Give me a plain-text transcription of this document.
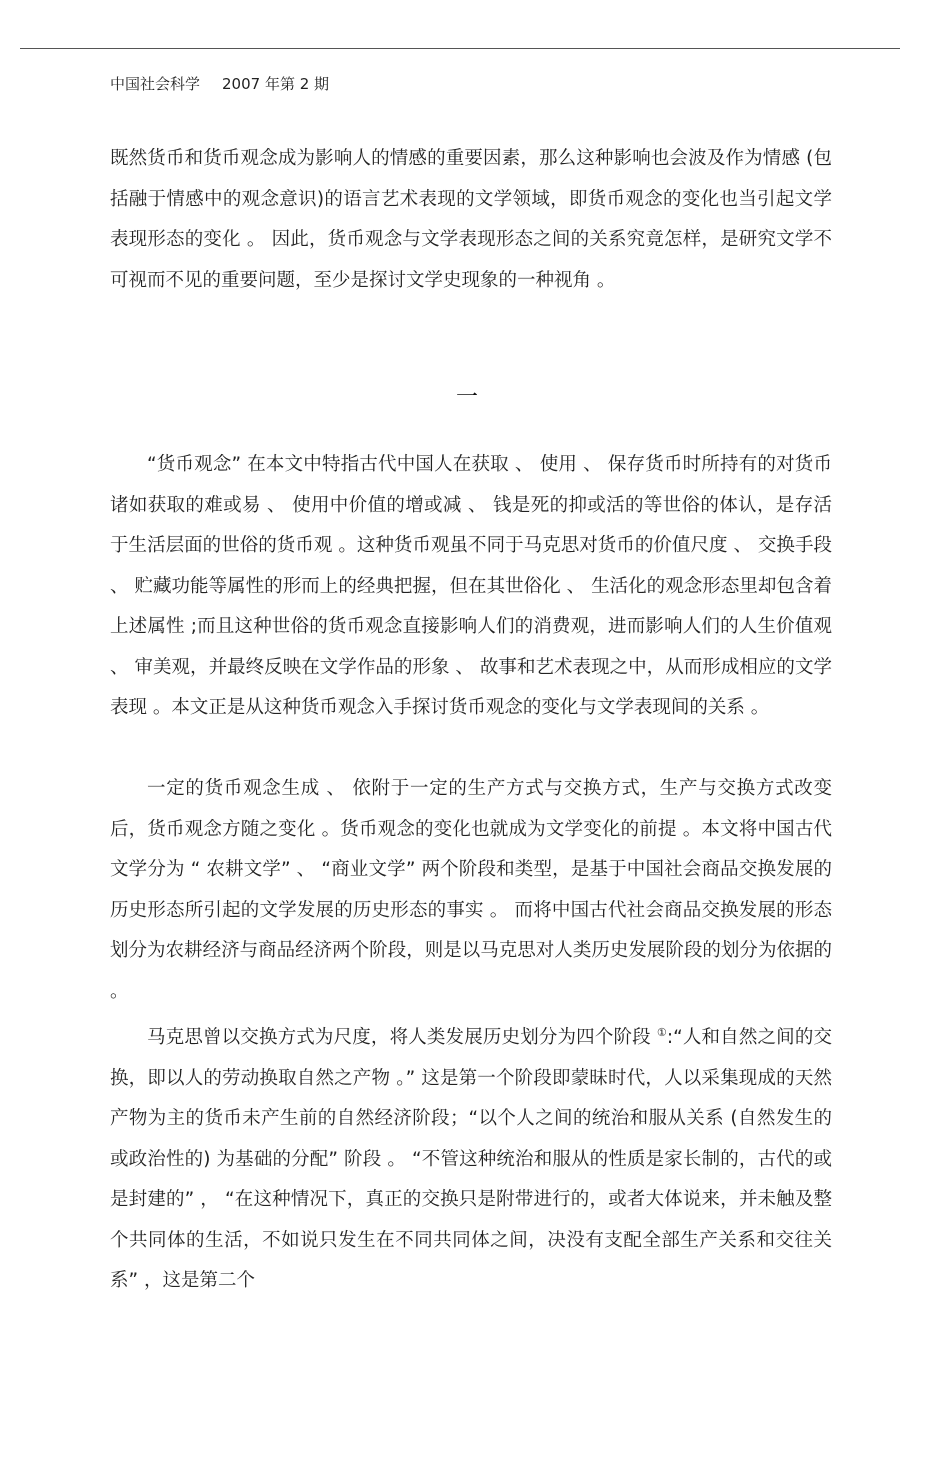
中国社会科学 2007 年第 2 期

既然货币和货币观念成为影响人的情感的重要因素，那么这种影响也会波及作为情感 (包括融于情感中的观念意识)的语言艺术表现的文学领域，即货币观念的变化也当引起文学表现形态的变化 。 因此，货币观念与文学表现形态之间的关系究竟怎样，是研究文学不可视而不见的重要问题，至少是探讨文学史现象的一种视角 。

一

“货币观念” 在本文中特指古代中国人在获取 、 使用 、 保存货币时所持有的对货币诸如获取的难或易 、 使用中价值的增或减 、 钱是死的抑或活的等世俗的体认，是存活于生活层面的世俗的货币观 。这种货币观虽不同于马克思对货币的价值尺度 、 交换手段 、 贮藏功能等属性的形而上的经典把握，但在其世俗化 、 生活化的观念形态里却包含着上述属性 ;而且这种世俗的货币观念直接影响人们的消费观，进而影响人们的人生价值观 、 审美观，并最终反映在文学作品的形象 、 故事和艺术表现之中，从而形成相应的文学表现 。本文正是从这种货币观念入手探讨货币观念的变化与文学表现间的关系 。

一定的货币观念生成 、 依附于一定的生产方式与交换方式，生产与交换方式改变后，货币观念方随之变化 。货币观念的变化也就成为文学变化的前提 。本文将中国古代文学分为 “ 农耕文学” 、 “商业文学” 两个阶段和类型，是基于中国社会商品交换发展的历史形态所引起的文学发展的历史形态的事实 。 而将中国古代社会商品交换发展的形态划分为农耕经济与商品经济两个阶段，则是以马克思对人类历史发展阶段的划分为依据的 。

马克思曾以交换方式为尺度，将人类发展历史划分为四个阶段 ①:“人和自然之间的交换，即以人的劳动换取自然之产物 。” 这是第一个阶段即蒙昧时代，人以采集现成的天然产物为主的货币未产生前的自然经济阶段；“以个人之间的统治和服从关系 (自然发生的或政治性的) 为基础的分配” 阶段 。 “不管这种统治和服从的性质是家长制的，古代的或是封建的” ， “在这种情况下，真正的交换只是附带进行的，或者大体说来，并未触及整个共同体的生活，不如说只发生在不同共同体之间，决没有支配全部生产关系和交往关系” ，这是第二个
